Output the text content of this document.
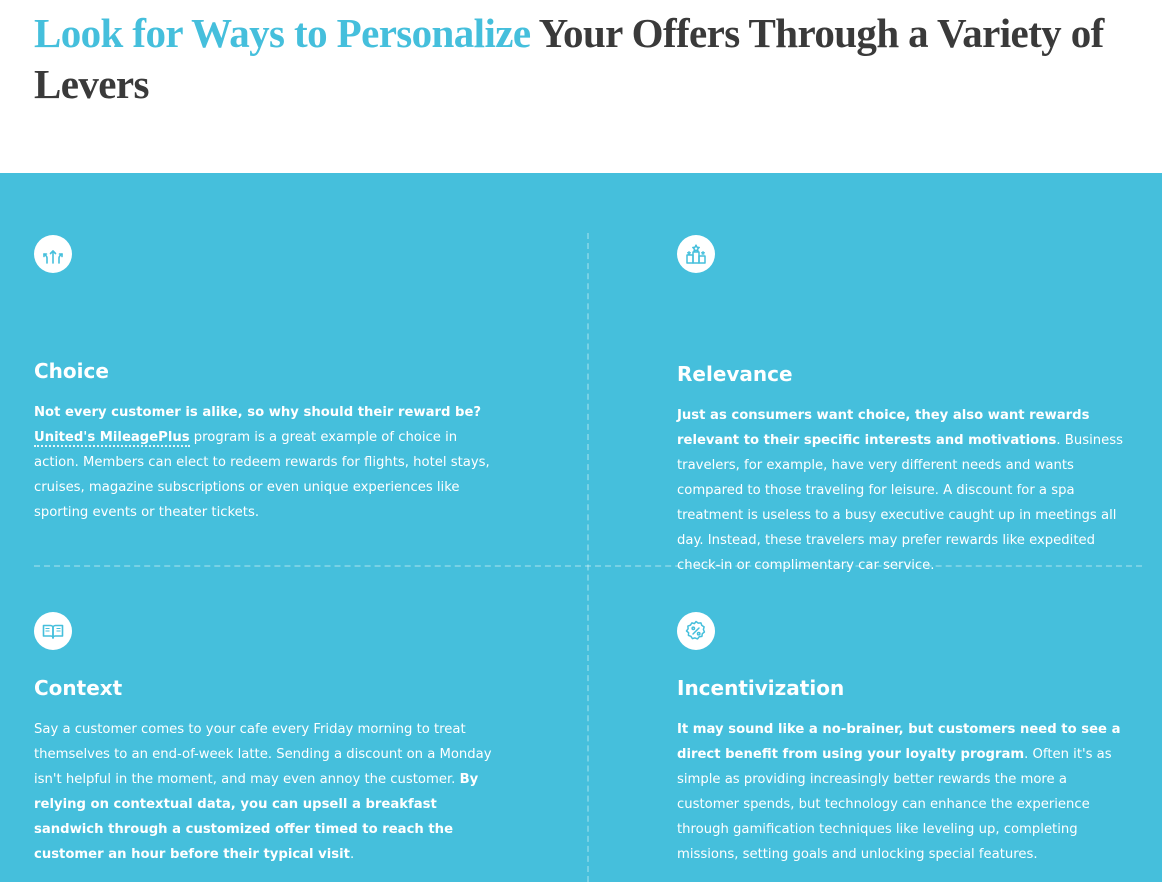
Look for Ways to Personalize Your Offers Through a Variety of Levers
Choice

Not every customer is alike, so why should their reward be? United's MileagePlus program is a great example of choice in action. Members can elect to redeem rewards for flights, hotel stays, cruises, magazine subscriptions or even unique experiences like sporting events or theater tickets.

Relevance

Just as consumers want choice, they also want rewards relevant to their specific interests and motivations. Business travelers, for example, have very different needs and wants compared to those traveling for leisure. A discount for a spa treatment is useless to a busy executive caught up in meetings all day. Instead, these travelers may prefer rewards like expedited check-in or complimentary car service.

Context

Say a customer comes to your cafe every Friday morning to treat themselves to an end-of-week latte. Sending a discount on a Monday isn't helpful in the moment, and may even annoy the customer. By relying on contextual data, you can upsell a breakfast sandwich through a customized offer timed to reach the customer an hour before their typical visit.

Incentivization

It may sound like a no-brainer, but customers need to see a direct benefit from using your loyalty program. Often it's as simple as providing increasingly better rewards the more a customer spends, but technology can enhance the experience through gamification techniques like leveling up, completing missions, setting goals and unlocking special features.
